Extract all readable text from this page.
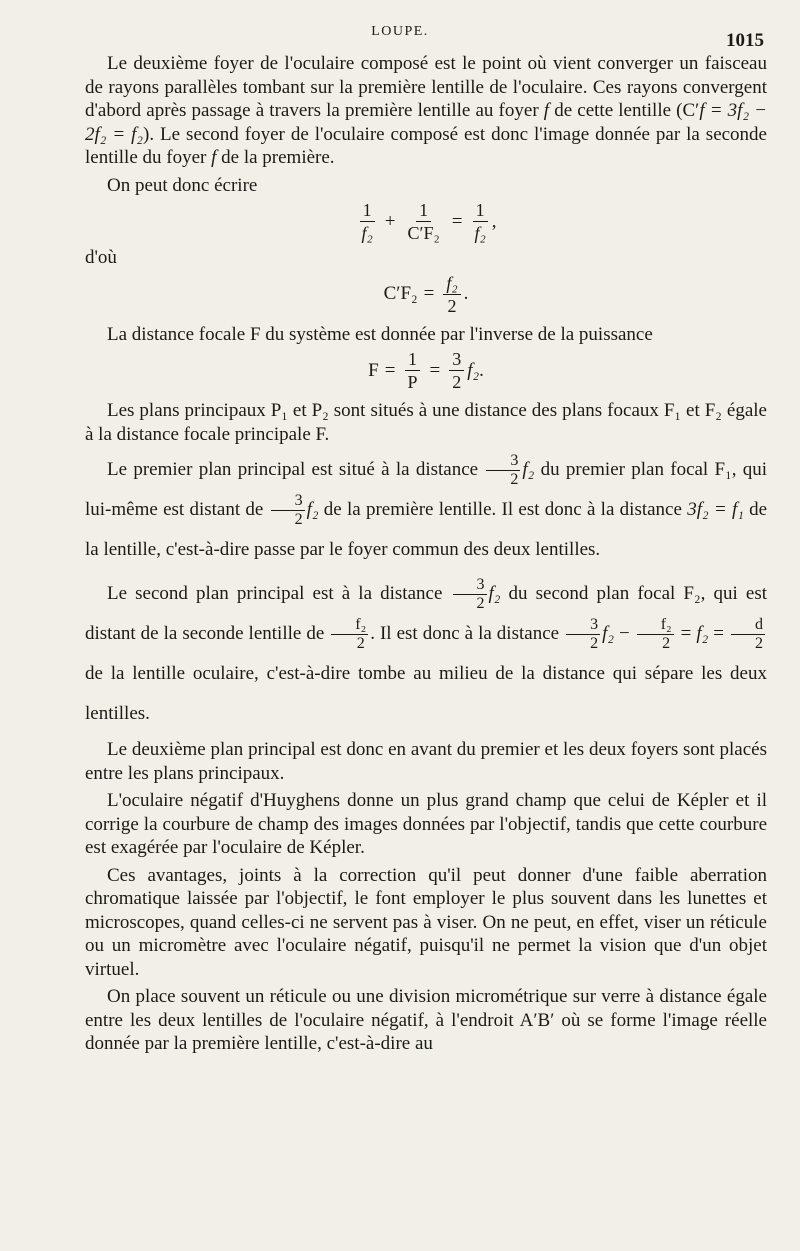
LOUPE.	1015

Le deuxième foyer de l'oculaire composé est le point où vient converger un faisceau de rayons parallèles tombant sur la première lentille de l'oculaire. Ces rayons convergent d'abord après passage à travers la première lentille au foyer f de cette lentille (C′f = 3f₂ − 2f₂ = f₂). Le second foyer de l'oculaire composé est donc l'image donnée par la seconde lentille du foyer f de la première.

On peut donc écrire

$\frac{1}{\text{f₂}} + \frac{1}{\text{C′F₂}} = \frac{1}{\text{f₂}}$ ,

d'où

$C'F_2 = \frac{\text{f₂}}{2}$ .

La distance focale F du système est donnée par l'inverse de la puissance

$F = \frac{1}{P} = \frac{3}{2} f_2$ .

Les plans principaux P₁ et P₂ sont situés à une distance des plans focaux F₁ et F₂ égale à la distance focale principale F.

Le premier plan principal est situé à la distance $\frac{3}{2} f_2$ du premier plan focal F₁, qui lui-même est distant de $\frac{3}{2} f_2$ de la première lentille. Il est donc à la distance 3f₂ = f₁ de la lentille, c'est-à-dire passe par le foyer commun des deux lentilles.

Le second plan principal est à la distance $\frac{3}{2} f_2$ du second plan focal F₂, qui est distant de la seconde lentille de $\frac{\text{f₂}}{2}$ . Il est donc à la distance $\frac{3}{2} f_2 - \frac{\text{f₂}}{2} = f_2 = \frac{d}{2}$
de la lentille oculaire, c'est-à-dire tombe au milieu de la distance qui sépare les deux lentilles.

Le deuxième plan principal est donc en avant du premier et les deux foyers sont placés entre les plans principaux.

L'oculaire négatif d'Huyghens donne un plus grand champ que celui de Képler et il corrige la courbure de champ des images données par l'objectif, tandis que cette courbure est exagérée par l'oculaire de Képler.

Ces avantages, joints à la correction qu'il peut donner d'une faible aberration chromatique laissée par l'objectif, le font employer le plus souvent dans les lunettes et microscopes, quand celles-ci ne servent pas à viser. On ne peut, en effet, viser un réticule ou un micromètre avec l'oculaire négatif, puisqu'il ne permet la vision que d'un objet virtuel.

On place souvent un réticule ou une division micrométrique sur verre à distance égale entre les deux lentilles de l'oculaire négatif, à l'endroit A′B′ où se forme l'image réelle donnée par la première lentille, c'est-à-dire au
